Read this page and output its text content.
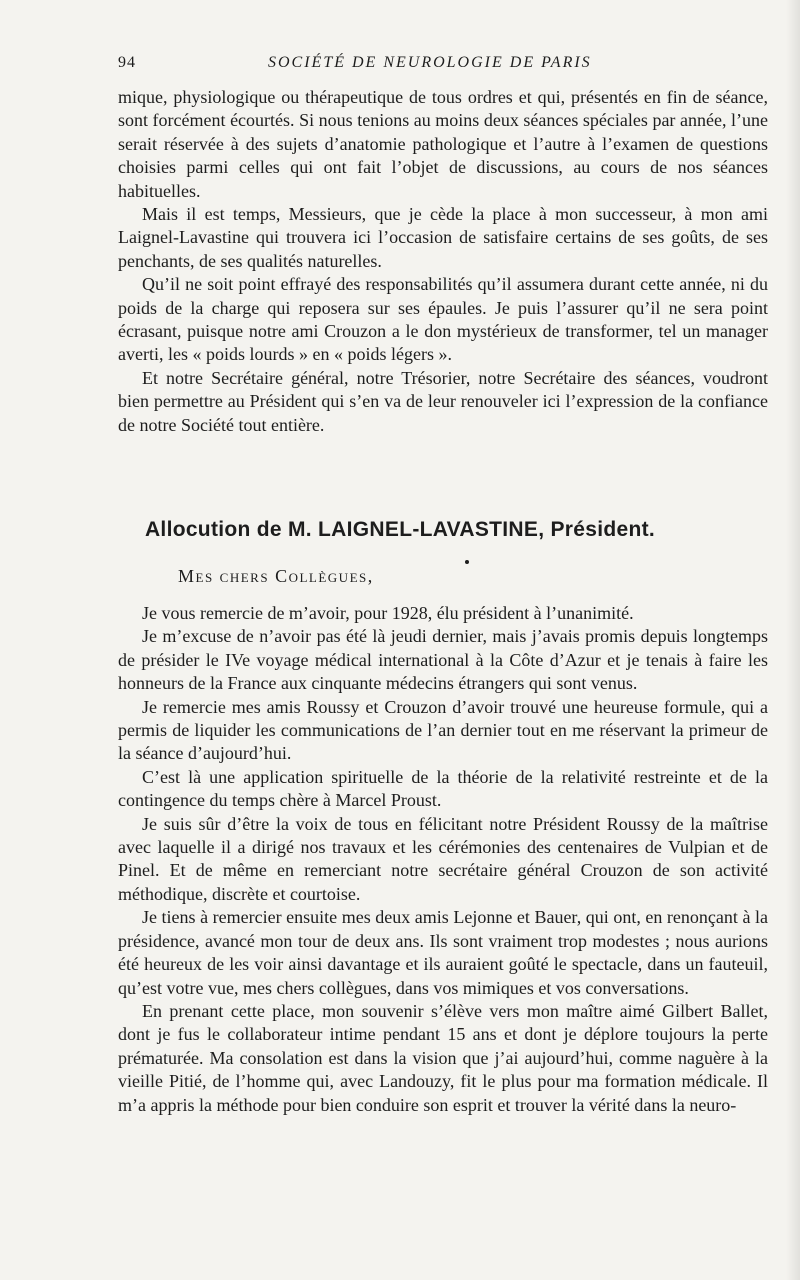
94	SOCIÉTÉ DE NEUROLOGIE DE PARIS

mique, physiologique ou thérapeutique de tous ordres et qui, présentés en fin de séance, sont forcément écourtés. Si nous tenions au moins deux séances spéciales par année, l’une serait réservée à des sujets d’anatomie pathologique et l’autre à l’examen de questions choisies parmi celles qui ont fait l’objet de discussions, au cours de nos séances habituelles.

Mais il est temps, Messieurs, que je cède la place à mon successeur, à mon ami Laignel-Lavastine qui trouvera ici l’occasion de satisfaire certains de ses goûts, de ses penchants, de ses qualités naturelles.

Qu’il ne soit point effrayé des responsabilités qu’il assumera durant cette année, ni du poids de la charge qui reposera sur ses épaules. Je puis l’assurer qu’il ne sera point écrasant, puisque notre ami Crouzon a le don mystérieux de transformer, tel un manager averti, les « poids lourds » en « poids légers ».

Et notre Secrétaire général, notre Trésorier, notre Secrétaire des séances, voudront bien permettre au Président qui s’en va de leur renouveler ici l’expression de la confiance de notre Société tout entière.

Allocution de M. LAIGNEL-LAVASTINE, Président.
Mes chers Collègues,

Je vous remercie de m’avoir, pour 1928, élu président à l’unanimité.

Je m’excuse de n’avoir pas été là jeudi dernier, mais j’avais promis depuis longtemps de présider le IVe voyage médical international à la Côte d’Azur et je tenais à faire les honneurs de la France aux cinquante médecins étrangers qui sont venus.

Je remercie mes amis Roussy et Crouzon d’avoir trouvé une heureuse formule, qui a permis de liquider les communications de l’an dernier tout en me réservant la primeur de la séance d’aujourd’hui.

C’est là une application spirituelle de la théorie de la relativité restreinte et de la contingence du temps chère à Marcel Proust.

Je suis sûr d’être la voix de tous en félicitant notre Président Roussy de la maîtrise avec laquelle il a dirigé nos travaux et les cérémonies des centenaires de Vulpian et de Pinel. Et de même en remerciant notre secrétaire général Crouzon de son activité méthodique, discrète et courtoise.

Je tiens à remercier ensuite mes deux amis Lejonne et Bauer, qui ont, en renonçant à la présidence, avancé mon tour de deux ans. Ils sont vraiment trop modestes ; nous aurions été heureux de les voir ainsi davantage et ils auraient goûté le spectacle, dans un fauteuil, qu’est votre vue, mes chers collègues, dans vos mimiques et vos conversations.

En prenant cette place, mon souvenir s’élève vers mon maître aimé Gilbert Ballet, dont je fus le collaborateur intime pendant 15 ans et dont je déplore toujours la perte prématurée. Ma consolation est dans la vision que j’ai aujourd’hui, comme naguère à la vieille Pitié, de l’homme qui, avec Landouzy, fit le plus pour ma formation médicale. Il m’a appris la méthode pour bien conduire son esprit et trouver la vérité dans la neuro-
